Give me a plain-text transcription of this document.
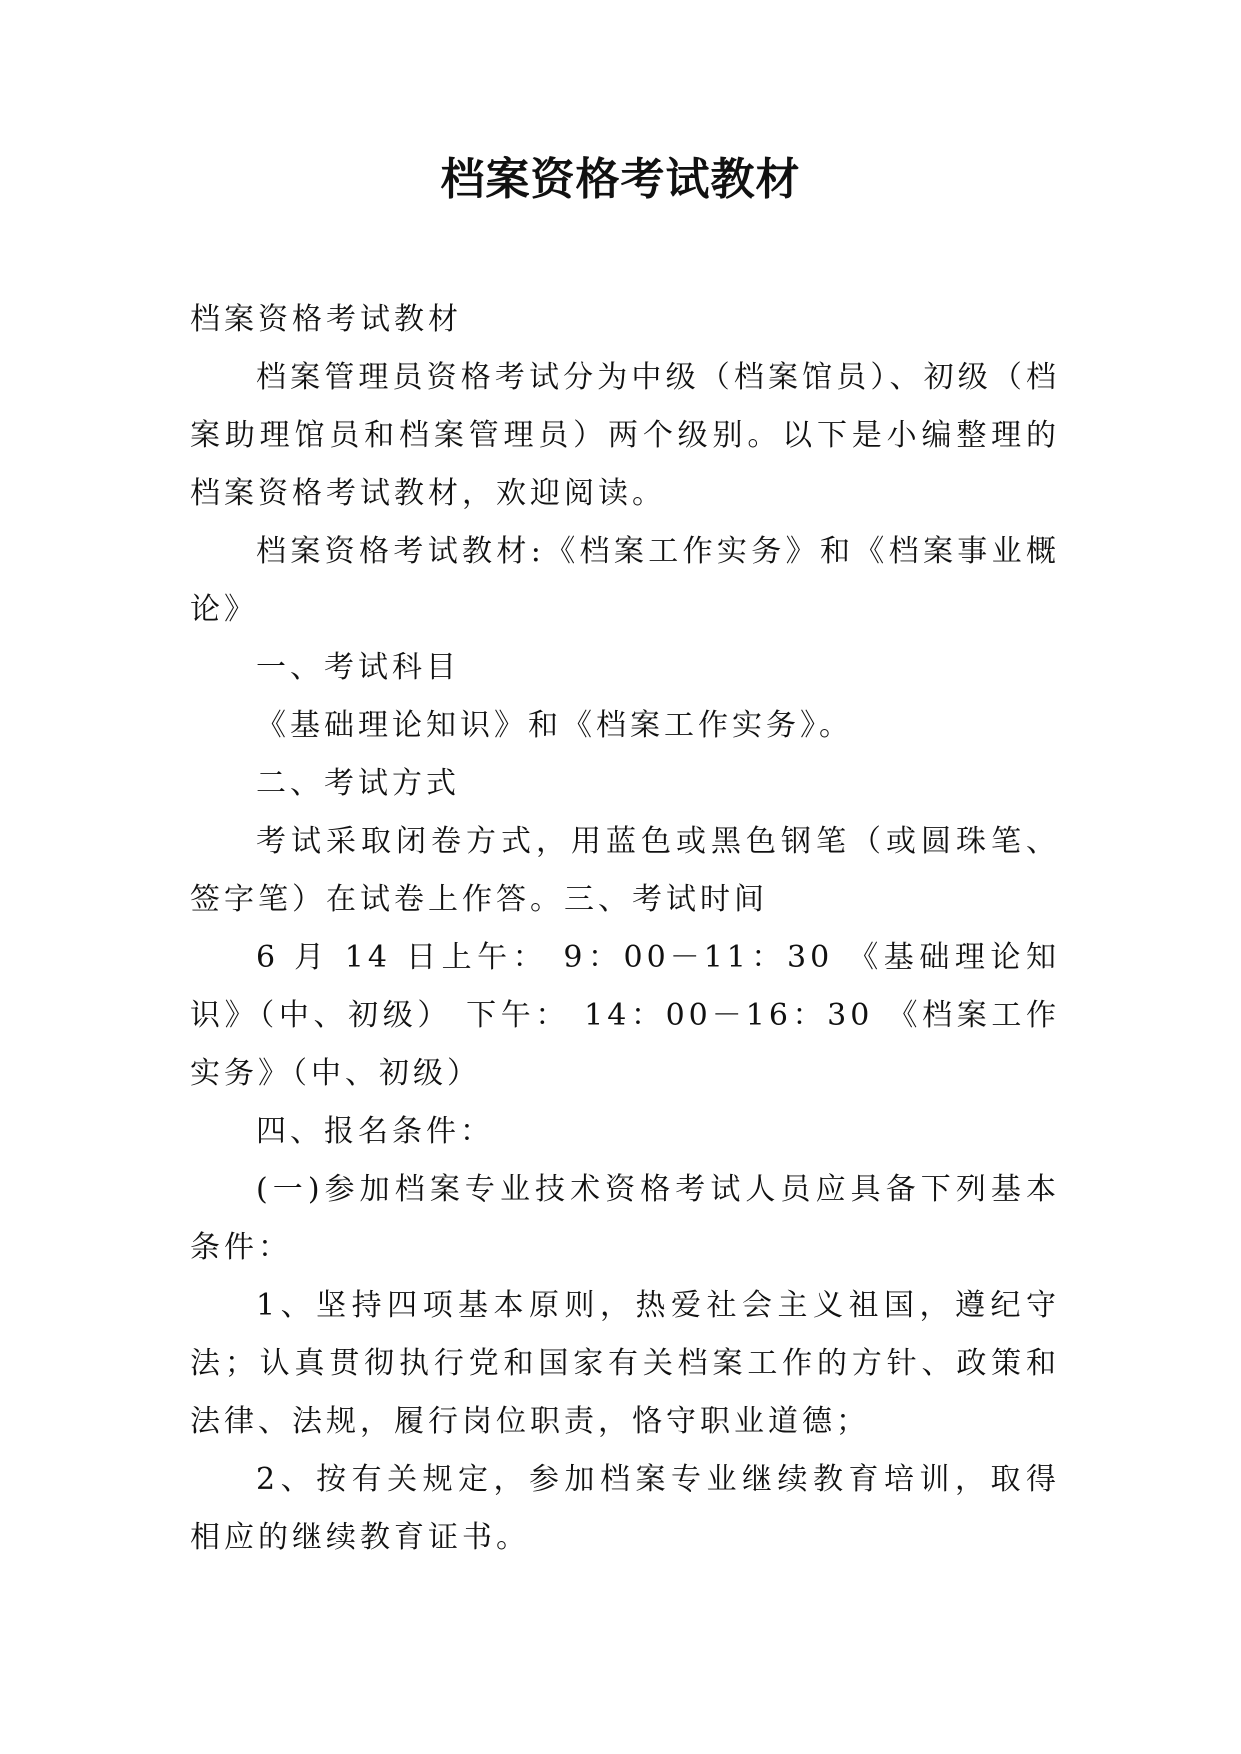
档案资格考试教材

档案资格考试教材

档案管理员资格考试分为中级（档案馆员）、初级（档案助理馆员和档案管理员）两个级别。以下是小编整理的档案资格考试教材，欢迎阅读。

档案资格考试教材:《档案工作实务》和《档案事业概论》

一、考试科目

《基础理论知识》和《档案工作实务》。

二、考试方式

考试采取闭卷方式，用蓝色或黑色钢笔（或圆珠笔、签字笔）在试卷上作答。三、考试时间

6 月 14 日上午： 9：00－11：30 《基础理论知识》（中、初级） 下午： 14：00－16：30 《档案工作实务》（中、初级）

四、报名条件：

(一)参加档案专业技术资格考试人员应具备下列基本条件：

1、坚持四项基本原则，热爱社会主义祖国，遵纪守法；认真贯彻执行党和国家有关档案工作的方针、政策和法律、法规，履行岗位职责，恪守职业道德；

2、按有关规定，参加档案专业继续教育培训，取得相应的继续教育证书。
